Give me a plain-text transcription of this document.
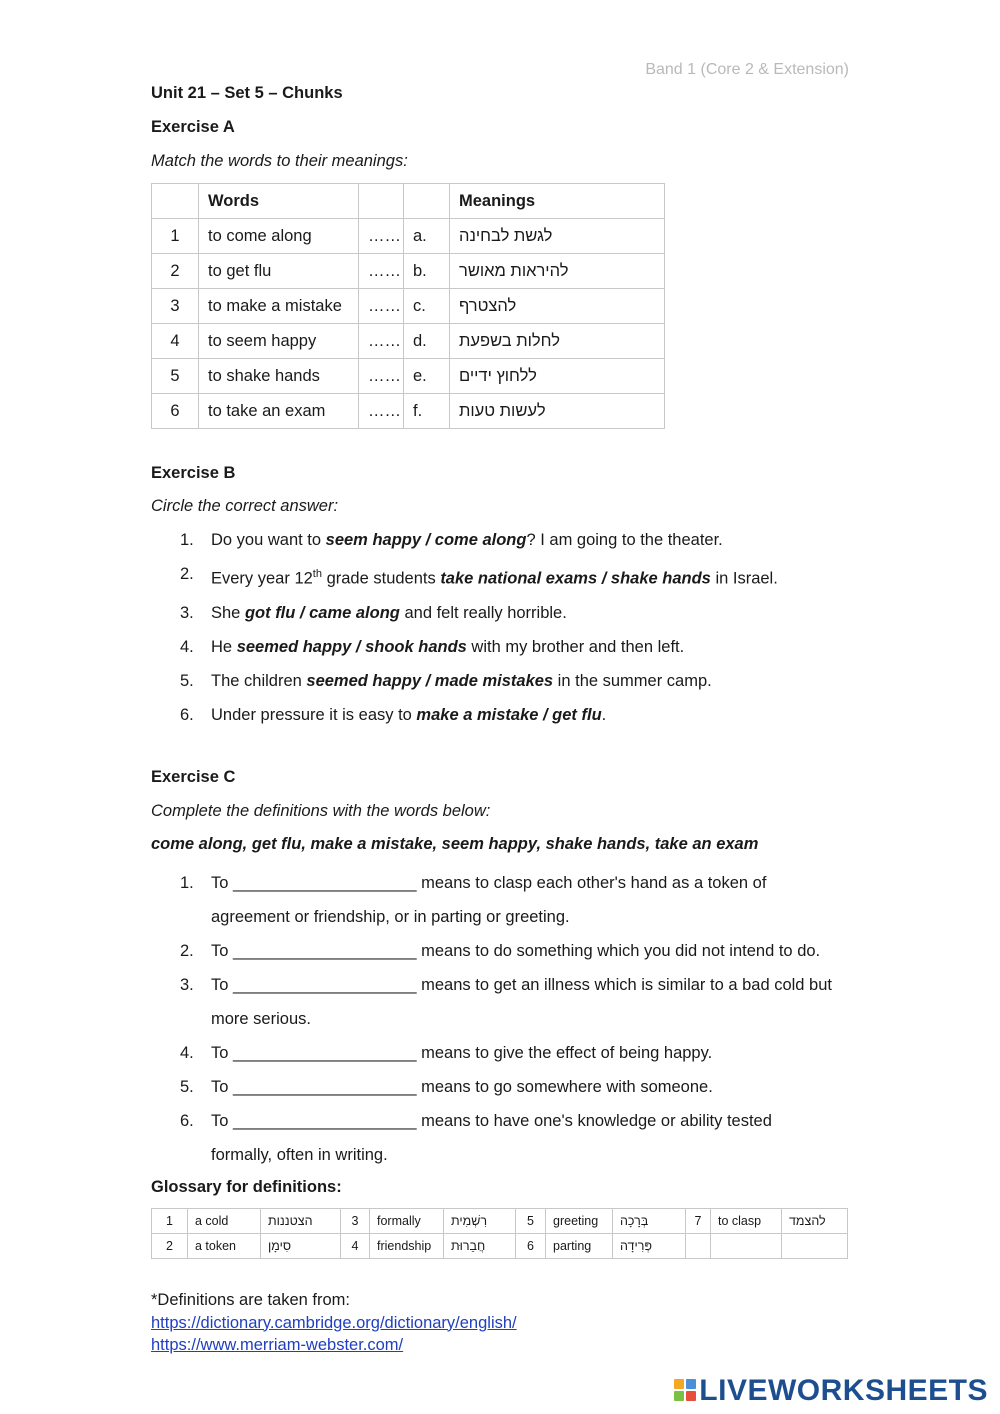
Band 1 (Core 2 & Extension)
Unit 21 – Set 5 – Chunks
Exercise A
Match the words to their meanings:
	Words			Meanings
1	to come along	……	a.	לגשת לבחינה
2	to get flu	……	b.	להיראות מאושר
3	to make a mistake	……	c.	להצטרף
4	to seem happy	……	d.	לחלות בשפעת
5	to shake hands	……	e.	ללחוץ ידיים
6	to take an exam	……	f.	לעשות טעות
Exercise B
Circle the correct answer:
1. Do you want to seem happy / come along? I am going to the theater.
2. Every year 12th grade students take national exams / shake hands in Israel.
3. She got flu / came along and felt really horrible.
4. He seemed happy / shook hands with my brother and then left.
5. The children seemed happy / made mistakes in the summer camp.
6. Under pressure it is easy to make a mistake / get flu.
Exercise C
Complete the definitions with the words below:
come along, get flu, make a mistake, seem happy, shake hands, take an exam
1. To ____________________ means to clasp each other's hand as a token of
agreement or friendship, or in parting or greeting.
2. To ____________________ means to do something which you did not intend to do.
3. To ____________________ means to get an illness which is similar to a bad cold but
more serious.
4. To ____________________ means to give the effect of being happy.
5. To ____________________ means to go somewhere with someone.
6. To ____________________ means to have one's knowledge or ability tested
formally, often in writing.
Glossary for definitions:
1	a cold	הצטננות	3	formally	רִשְׁמִית	5	greeting	בְּרָכָה	7	to clasp	להצמד
2	a token	סִימָן	4	friendship	חֲבֵרוּת	6	parting	פְּרִידָה			
*Definitions are taken from:
https://dictionary.cambridge.org/dictionary/english/
https://www.merriam-webster.com/
LIVEWORKSHEETS
